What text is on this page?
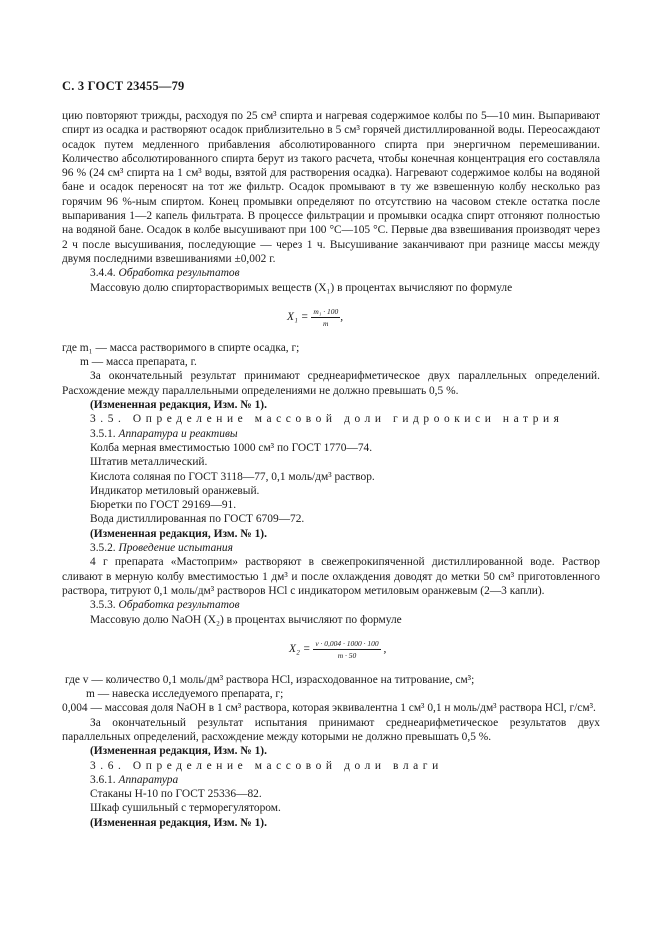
С. 3 ГОСТ 23455—79

цию повторяют трижды, расходуя по 25 см³ спирта и нагревая содержимое колбы по 5—10 мин. Выпаривают спирт из осадка и растворяют осадок приблизительно в 5 см³ горячей дистиллированной воды. Переосаждают осадок путем медленного прибавления абсолютированного спирта при энергичном перемешивании. Количество абсолютированного спирта берут из такого расчета, чтобы конечная концентрация его составляла 96 % (24 см³ спирта на 1 см³ воды, взятой для растворения осадка). Нагревают содержимое колбы на водяной бане и осадок переносят на тот же фильтр. Осадок промывают в ту же взвешенную колбу несколько раз горячим 96 %-ным спиртом. Конец промывки определяют по отсутствию на часовом стекле остатка после выпаривания 1—2 капель фильтрата. В процессе фильтрации и промывки осадка спирт отгоняют полностью на водяной бане. Осадок в колбе высушивают при 100 °С—105 °С. Первые два взвешивания производят через 2 ч после высушивания, последующие — через 1 ч. Высушивание заканчивают при разнице массы между двумя последними взвешиваниями ±0,002 г.

3.4.4. Обработка результатов

Массовую долю спирторастворимых веществ (X₁) в процентах вычисляют по формуле

$X_1 = \frac{\text{m₁ · 100}}{m}$ ,

где m₁ — масса растворимого в спирте осадка, г;

m — масса препарата, г.

За окончательный результат принимают среднеарифметическое двух параллельных определений. Расхождение между параллельными определениями не должно превышать 0,5 %.

(Измененная редакция, Изм. № 1).

3.5. Определение массовой доли гидроокиси натрия

3.5.1. Аппаратура и реактивы

Колба мерная вместимостью 1000 см³ по ГОСТ 1770—74.

Штатив металлический.

Кислота соляная по ГОСТ 3118—77, 0,1 моль/дм³ раствор.

Индикатор метиловый оранжевый.

Бюретки по ГОСТ 29169—91.

Вода дистиллированная по ГОСТ 6709—72.

(Измененная редакция, Изм. № 1).

3.5.2. Проведение испытания

4 г препарата «Мастоприм» растворяют в свежепрокипяченной дистиллированной воде. Раствор сливают в мерную колбу вместимостью 1 дм³ и после охлаждения доводят до метки 50 см³ приготовленного раствора, титруют 0,1 моль/дм³ растворов HCl с индикатором метиловым оранжевым (2—3 капли).

3.5.3. Обработка результатов

Массовую долю NaOH (X₂) в процентах вычисляют по формуле

$X_2 = \frac{v \cdot 0,004 \cdot 1000 \cdot 100}{m \cdot 50}$ ,

где v — количество 0,1 моль/дм³ раствора HCl, израсходованное на титрование, см³;

m — навеска исследуемого препарата, г;

0,004 — массовая доля NaOH в 1 см³ раствора, которая эквивалентна 1 см³ 0,1 н моль/дм³ раствора HCl, г/см³.

За окончательный результат испытания принимают среднеарифметическое результатов двух параллельных определений, расхождение между которыми не должно превышать 0,5 %.

(Измененная редакция, Изм. № 1).

3.6. Определение массовой доли влаги

3.6.1. Аппаратура

Стаканы Н-10 по ГОСТ 25336—82.

Шкаф сушильный с терморегулятором.

(Измененная редакция, Изм. № 1).
